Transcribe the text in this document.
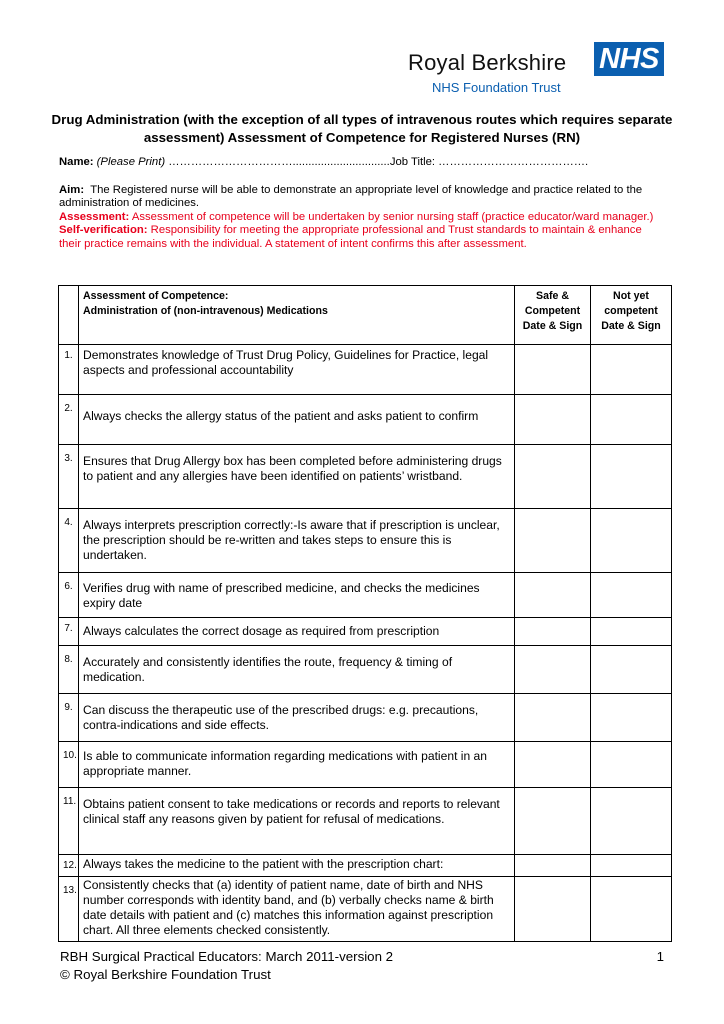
Royal Berkshire
NHS Foundation Trust
NHS
Drug Administration (with the exception of all types of intravenous routes which requires separate assessment) Assessment of Competence for Registered Nurses (RN)
Name: (Please Print) ……………………………...............................Job Title: ………………………………….
Aim: The Registered nurse will be able to demonstrate an appropriate level of knowledge and practice related to the administration of medicines.
Assessment: Assessment of competence will be undertaken by senior nursing staff (practice educator/ward manager.)
Self-verification: Responsibility for meeting the appropriate professional and Trust standards to maintain & enhance their practice remains with the individual. A statement of intent confirms this after assessment.

	Assessment of Competence:
Administration of (non-intravenous) Medications	Safe & Competent Date & Sign	Not yet competent Date & Sign
1.	Demonstrates knowledge of Trust Drug Policy, Guidelines for Practice, legal aspects and professional accountability		
2.	Always checks the allergy status of the patient and asks patient to confirm		
3.	Ensures that Drug Allergy box has been completed before administering drugs to patient and any allergies have been identified on patients’ wristband.		
4.	Always interprets prescription correctly:-Is aware that if prescription is unclear, the prescription should be re-written and takes steps to ensure this is undertaken.		
6.	Verifies drug with name of prescribed medicine, and checks the medicines expiry date		
7.	Always calculates the correct dosage as required from prescription		
8.	Accurately and consistently identifies the route, frequency & timing of medication.		
9.	Can discuss the therapeutic use of the prescribed drugs: e.g. precautions, contra-indications and side effects.		
10.	Is able to communicate information regarding medications with patient in an appropriate manner.		
11.	Obtains patient consent to take medications or records and reports to relevant clinical staff any reasons given by patient for refusal of medications.		
12.	Always takes the medicine to the patient with the prescription chart:		
13.	Consistently checks that (a) identity of patient name, date of birth and NHS number corresponds with identity band, and (b) verbally checks name & birth date details with patient and (c) matches this information against prescription chart. All three elements checked consistently.		
RBH Surgical Practical Educators: March 2011-version 2
© Royal Berkshire Foundation Trust
1
